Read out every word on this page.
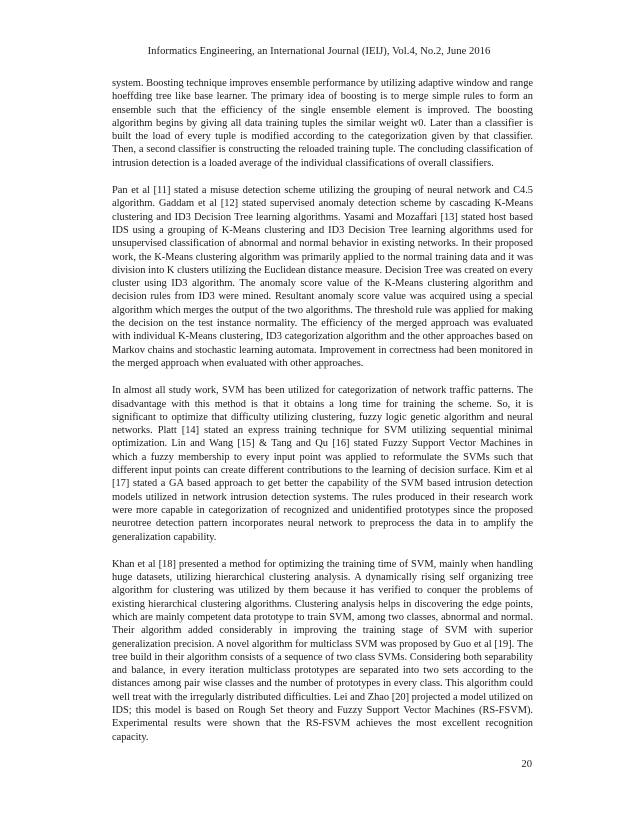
Informatics Engineering, an International Journal (IEIJ), Vol.4, No.2, June 2016

system. Boosting technique improves ensemble performance by utilizing adaptive window and range hoeffding tree like base learner. The primary idea of boosting is to merge simple rules to form an ensemble such that the efficiency of the single ensemble element is improved. The boosting algorithm begins by giving all data training tuples the similar weight w0. Later than a classifier is built the load of every tuple is modified according to the categorization given by that classifier. Then, a second classifier is constructing the reloaded training tuple. The concluding classification of intrusion detection is a loaded average of the individual classifications of overall classifiers.

Pan et al [11] stated a misuse detection scheme utilizing the grouping of neural network and C4.5 algorithm. Gaddam et al [12] stated supervised anomaly detection scheme by cascading K-Means clustering and ID3 Decision Tree learning algorithms. Yasami and Mozaffari [13] stated host based IDS using a grouping of K-Means clustering and ID3 Decision Tree learning algorithms used for unsupervised classification of abnormal and normal behavior in existing networks. In their proposed work, the K-Means clustering algorithm was primarily applied to the normal training data and it was division into K clusters utilizing the Euclidean distance measure. Decision Tree was created on every cluster using ID3 algorithm. The anomaly score value of the K-Means clustering algorithm and decision rules from ID3 were mined. Resultant anomaly score value was acquired using a special algorithm which merges the output of the two algorithms. The threshold rule was applied for making the decision on the test instance normality. The efficiency of the merged approach was evaluated with individual K-Means clustering, ID3 categorization algorithm and the other approaches based on Markov chains and stochastic learning automata. Improvement in correctness had been monitored in the merged approach when evaluated with other approaches.

In almost all study work, SVM has been utilized for categorization of network traffic patterns. The disadvantage with this method is that it obtains a long time for training the scheme. So, it is significant to optimize that difficulty utilizing clustering, fuzzy logic genetic algorithm and neural networks. Platt [14] stated an express training technique for SVM utilizing sequential minimal optimization. Lin and Wang [15] & Tang and Qu [16] stated Fuzzy Support Vector Machines in which a fuzzy membership to every input point was applied to reformulate the SVMs such that different input points can create different contributions to the learning of decision surface. Kim et al [17] stated a GA based approach to get better the capability of the SVM based intrusion detection models utilized in network intrusion detection systems. The rules produced in their research work were more capable in categorization of recognized and unidentified prototypes since the proposed neurotree detection pattern incorporates neural network to preprocess the data in to amplify the generalization capability.

Khan et al [18] presented a method for optimizing the training time of SVM, mainly when handling huge datasets, utilizing hierarchical clustering analysis. A dynamically rising self organizing tree algorithm for clustering was utilized by them because it has verified to conquer the problems of existing hierarchical clustering algorithms. Clustering analysis helps in discovering the edge points, which are mainly competent data prototype to train SVM, among two classes, abnormal and normal. Their algorithm added considerably in improving the training stage of SVM with superior generalization precision. A novel algorithm for multiclass SVM was proposed by Guo et al [19]. The tree build in their algorithm consists of a sequence of two class SVMs. Considering both separability and balance, in every iteration multiclass prototypes are separated into two sets according to the distances among pair wise classes and the number of prototypes in every class. This algorithm could well treat with the irregularly distributed difficulties. Lei and Zhao [20] projected a model utilized on IDS; this model is based on Rough Set theory and Fuzzy Support Vector Machines (RS-FSVM). Experimental results were shown that the RS-FSVM achieves the most excellent recognition capacity.

20
